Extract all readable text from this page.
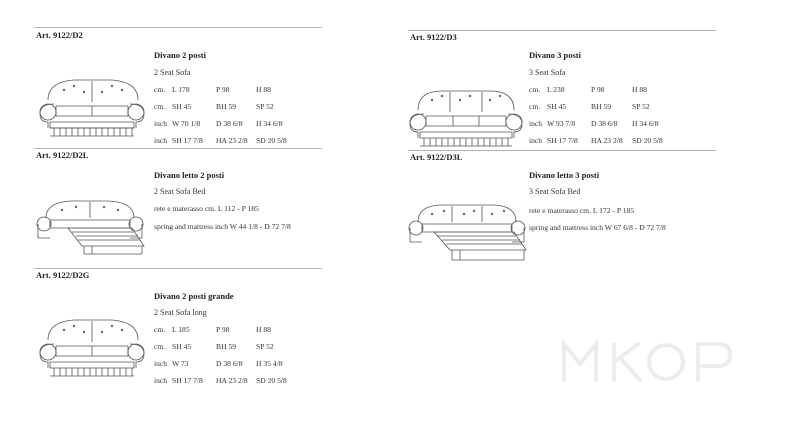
Art. 9122/D2
Divano 2 posti
2 Seat Sofa
cm. L 178	P 98	H 88
cm. SH 45	BH 59	SP 52
inch W 70 1/8 D 38 6/8 H 34 6/8
inch SH 17 7/8 HA 23 2/8 SD 20 5/8
Art. 9122/D3
Divano 3 posti
3 Seat Sofa
cm. L 238	P 98	H 88
cm. SH 45	BH 59	SP 52
inch W 93 7/8 D 38 6/8 H 34 6/8
inch SH 17 7/8 HA 23 2/8 SD 20 5/8
Art. 9122/D2L
Divano letto 2 posti
2 Seat Sofa Bed
rete e materasso cm. L 112 - P 185
spring and mattress inch W 44 1/8 - D 72 7/8
Art. 9122/D3L
Divano letto 3 posti
3 Seat Sofa Bed
rete e materasso cm. L 172 - P 185
spring and mattress inch W 67 6/8 - D 72 7/8
Art. 9122/D2G
Divano 2 posti grande
2 Seat Sofa long
cm. L 185	P 98	H 88
cm. SH 45	BH 59	SP 52
inch W 73	D 38 6/8 H 35 4/8
inch SH 17 7/8 HA 23 2/8 SD 20 5/8
